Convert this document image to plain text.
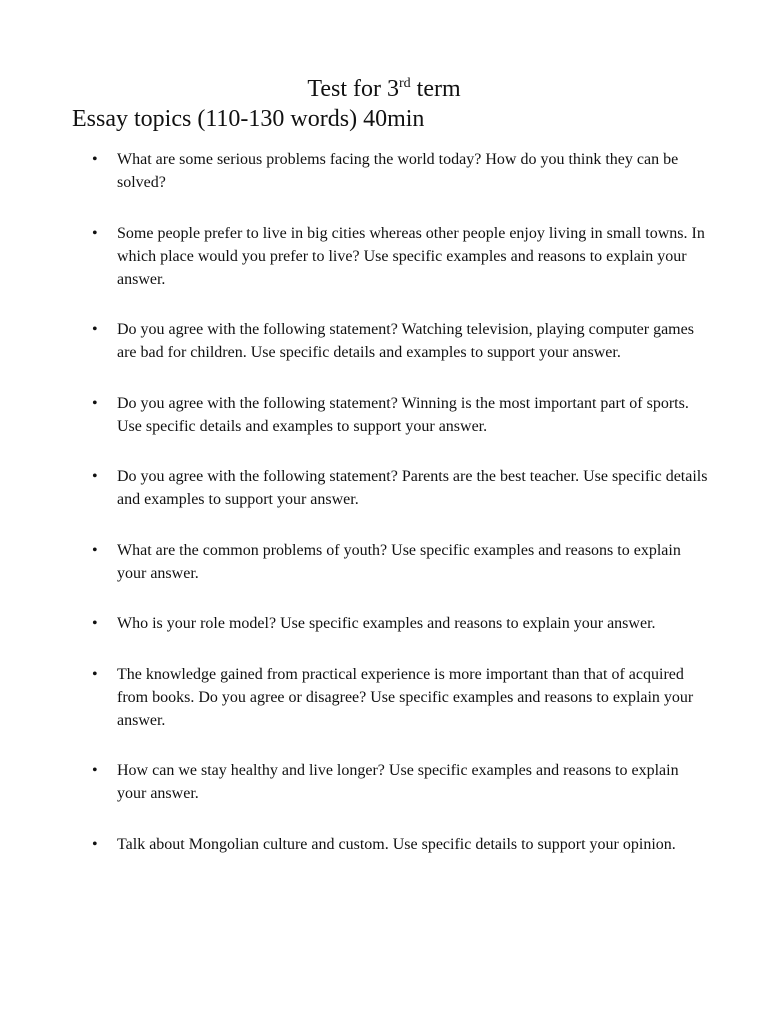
Test for 3rd term
Essay topics (110-130 words) 40min
• What are some serious problems facing the world today? How do you think they can be solved?
• Some people prefer to live in big cities whereas other people enjoy living in small towns. In which place would you prefer to live? Use specific examples and reasons to explain your answer.
• Do you agree with the following statement? Watching television, playing computer games are bad for children. Use specific details and examples to support your answer.
• Do you agree with the following statement? Winning is the most important part of sports. Use specific details and examples to support your answer.
• Do you agree with the following statement? Parents are the best teacher. Use specific details and examples to support your answer.
• What are the common problems of youth? Use specific examples and reasons to explain your answer.
• Who is your role model? Use specific examples and reasons to explain your answer.
• The knowledge gained from practical experience is more important than that of acquired from books. Do you agree or disagree? Use specific examples and reasons to explain your answer.
• How can we stay healthy and live longer? Use specific examples and reasons to explain your answer.
• Talk about Mongolian culture and custom. Use specific details to support your opinion.
